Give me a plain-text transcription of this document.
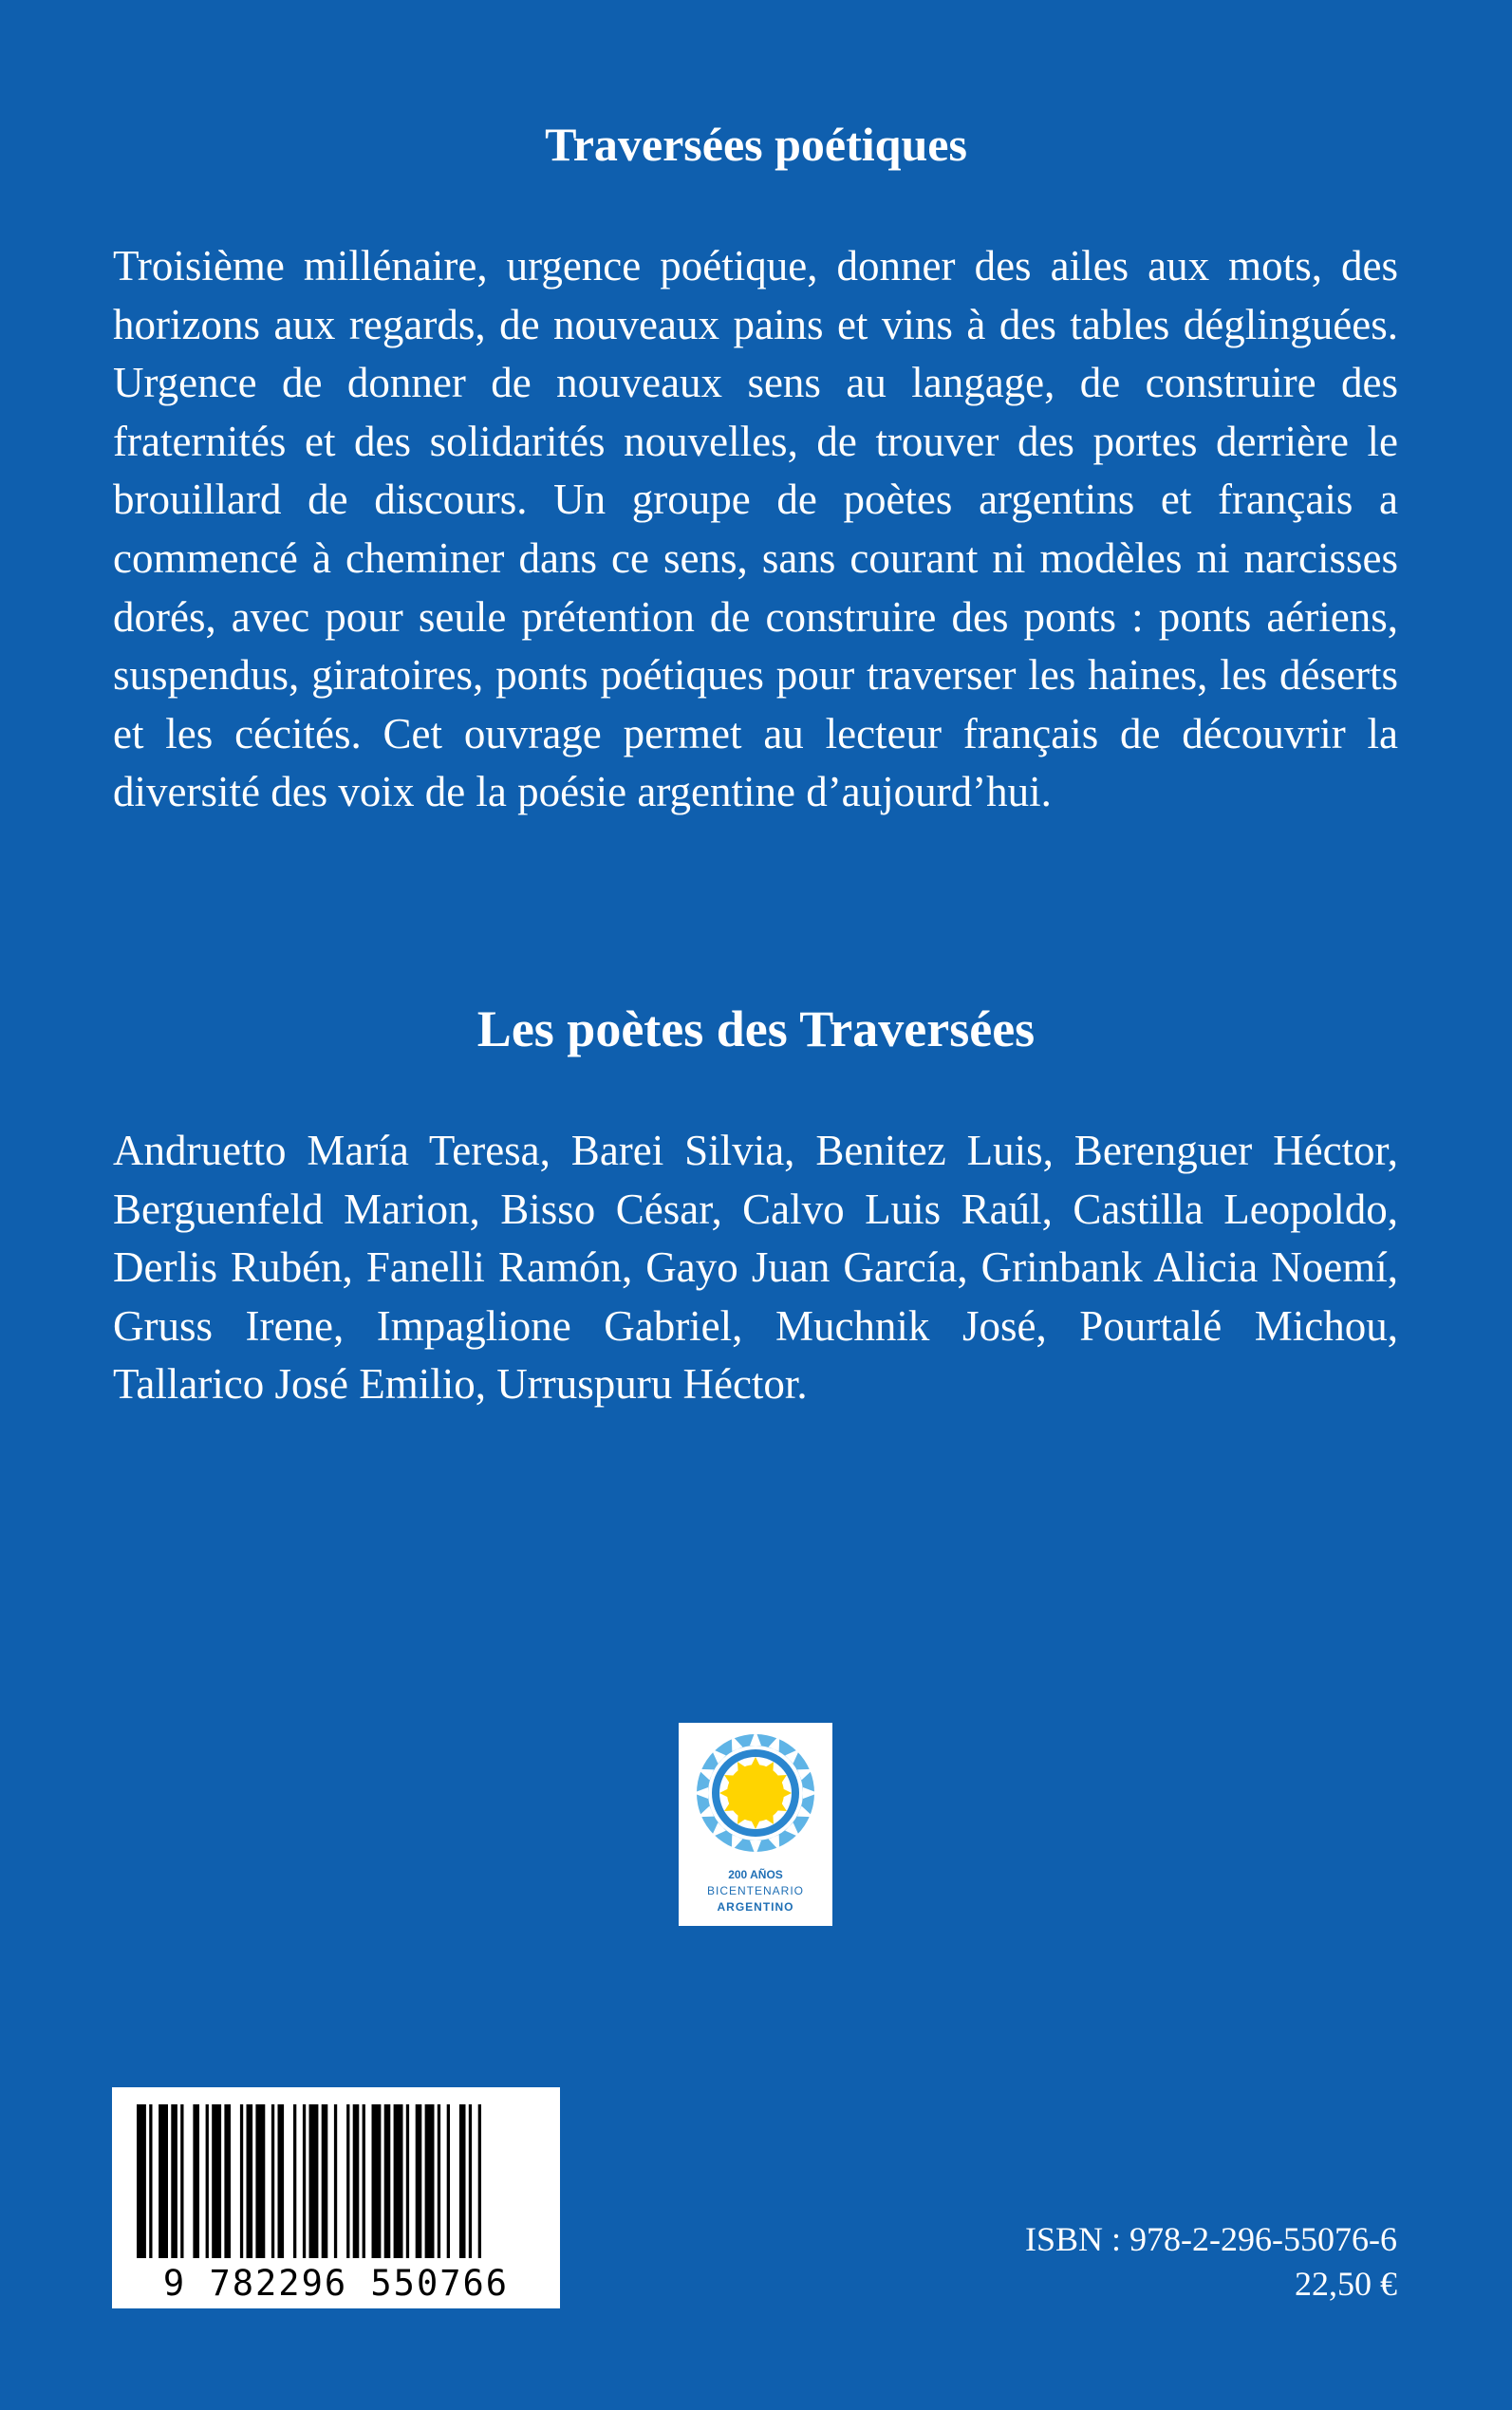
Traversées poétiques

Troisième millénaire, urgence poétique, donner des ailes aux mots, des horizons aux regards, de nouveaux pains et vins à des tables déglinguées. Urgence de donner de nouveaux sens au langage, de construire des fraternités et des solidarités nouvelles, de trouver des portes derrière le brouillard de discours. Un groupe de poètes argentins et français a commencé à cheminer dans ce sens, sans courant ni modèles ni narcisses dorés, avec pour seule prétention de construire des ponts : ponts aériens, suspendus, giratoires, ponts poétiques pour traverser les haines, les déserts et les cécités. Cet ouvrage permet au lecteur français de découvrir la diversité des voix de la poésie argentine d’aujourd’hui.

Les poètes des Traversées

Andruetto María Teresa, Barei Silvia, Benitez Luis, Berenguer Héctor, Berguenfeld Marion, Bisso César, Calvo Luis Raúl, Castilla Leopoldo, Derlis Rubén, Fanelli Ramón, Gayo Juan García, Grinbank Alicia Noemí, Gruss Irene, Impaglione Gabriel, Muchnik José, Pourtalé Michou, Tallarico José Emilio, Urruspuru Héctor.

200 AÑOS
BICENTENARIO
ARGENTINO
9 782296 550766
ISBN : 978-2-296-55076-6
22,50 €
